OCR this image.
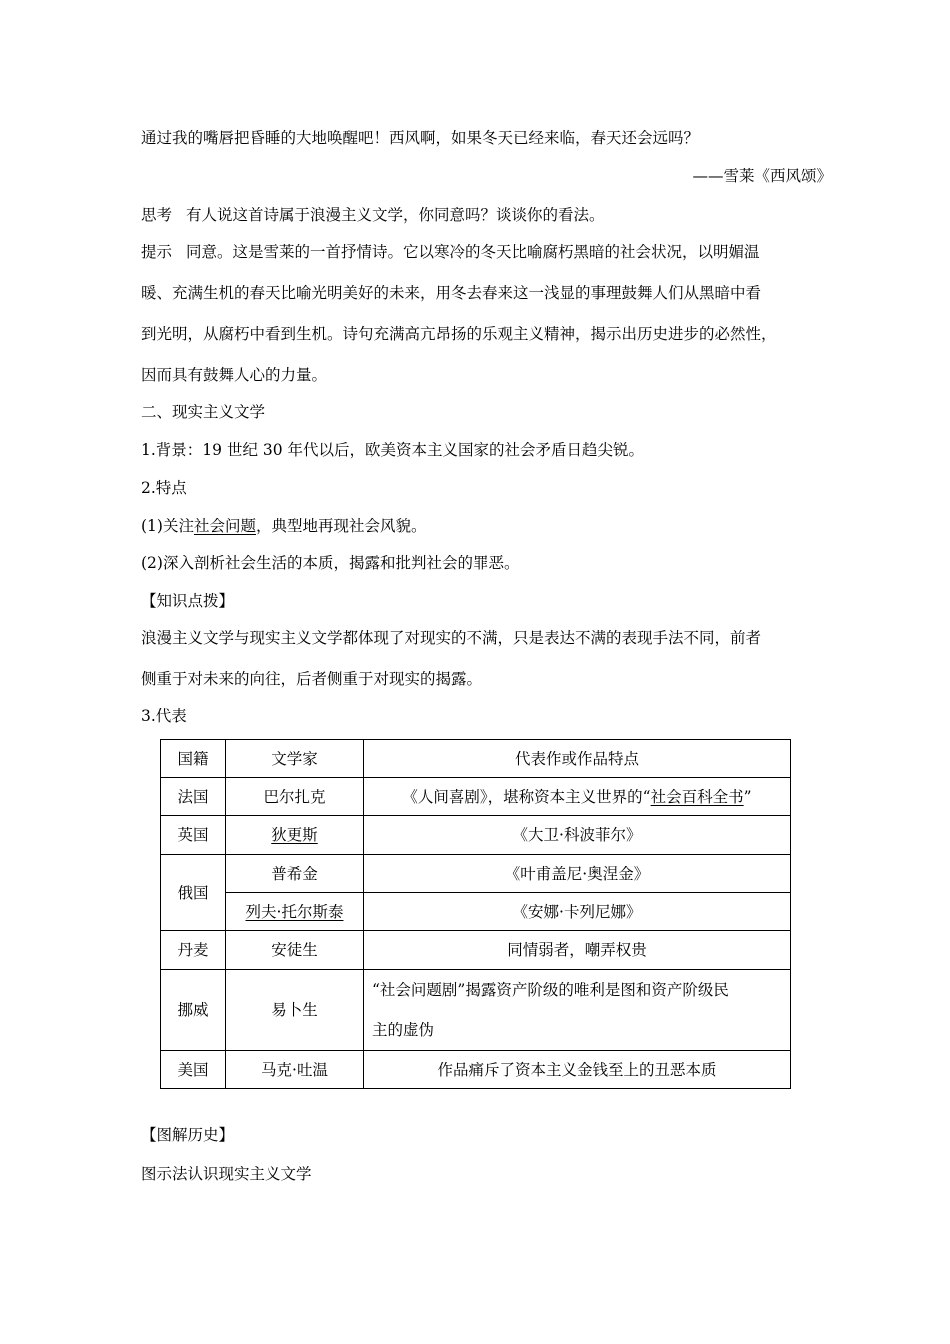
通过我的嘴唇把昏睡的大地唤醒吧！西风啊，如果冬天已经来临，春天还会远吗？
——雪莱《西风颂》
思考 有人说这首诗属于浪漫主义文学，你同意吗？谈谈你的看法。
提示 同意。这是雪莱的一首抒情诗。它以寒冷的冬天比喻腐朽黑暗的社会状况，以明媚温
暖、充满生机的春天比喻光明美好的未来，用冬去春来这一浅显的事理鼓舞人们从黑暗中看
到光明，从腐朽中看到生机。诗句充满高亢昂扬的乐观主义精神，揭示出历史进步的必然性，
因而具有鼓舞人心的力量。
二、现实主义文学
1.背景：19 世纪 30 年代以后，欧美资本主义国家的社会矛盾日趋尖锐。
2.特点
(1)关注社会问题，典型地再现社会风貌。
(2)深入剖析社会生活的本质，揭露和批判社会的罪恶。
【知识点拨】
浪漫主义文学与现实主义文学都体现了对现实的不满，只是表达不满的表现手法不同，前者
侧重于对未来的向往，后者侧重于对现实的揭露。
3.代表
国籍	文学家	代表作或作品特点
法国	巴尔扎克	《人间喜剧》，堪称资本主义世界的“社会百科全书”
英国	狄更斯	《大卫·科波菲尔》
俄国	普希金	《叶甫盖尼·奥涅金》
	列夫·托尔斯泰	《安娜·卡列尼娜》
丹麦	安徒生	同情弱者，嘲弄权贵
挪威	易卜生	“社会问题剧”揭露资产阶级的唯利是图和资产阶级民
主的虚伪

美国	马克·吐温	作品痛斥了资本主义金钱至上的丑恶本质
【图解历史】
图示法认识现实主义文学
